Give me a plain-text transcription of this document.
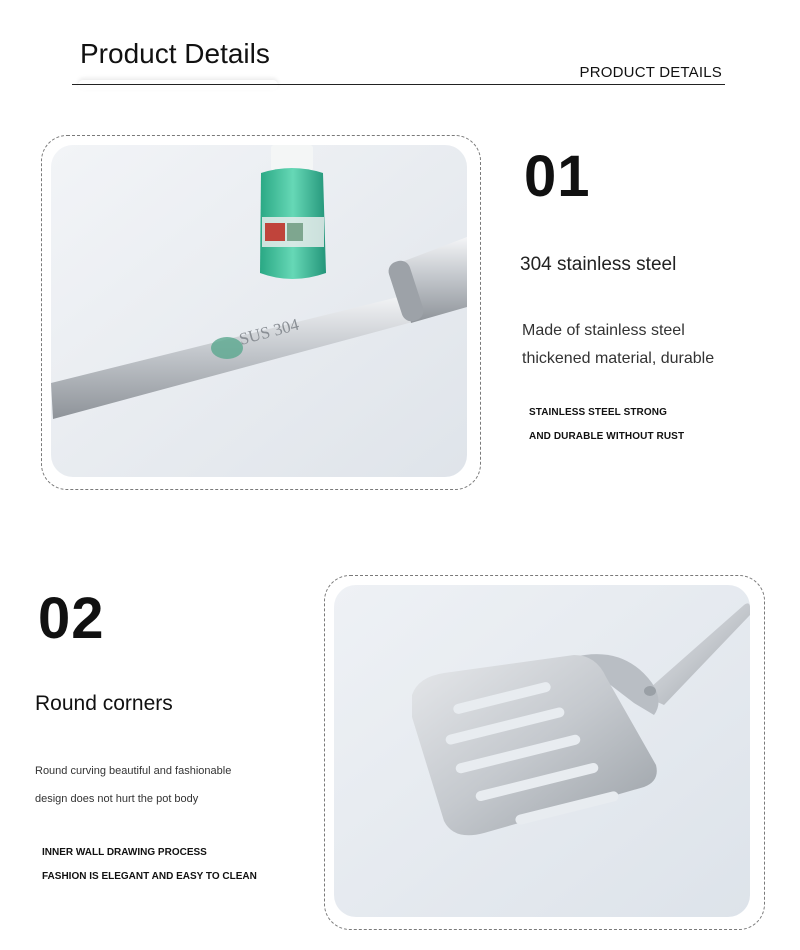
Product Details
PRODUCT DETAILS
SUS 304
01
304 stainless steel
Made of stainless steel
thickened material, durable
STAINLESS STEEL STRONG
AND DURABLE WITHOUT RUST
02
Round corners
Round curving beautiful and fashionable
design does not hurt the pot body
INNER WALL DRAWING PROCESS
FASHION IS ELEGANT AND EASY TO CLEAN
